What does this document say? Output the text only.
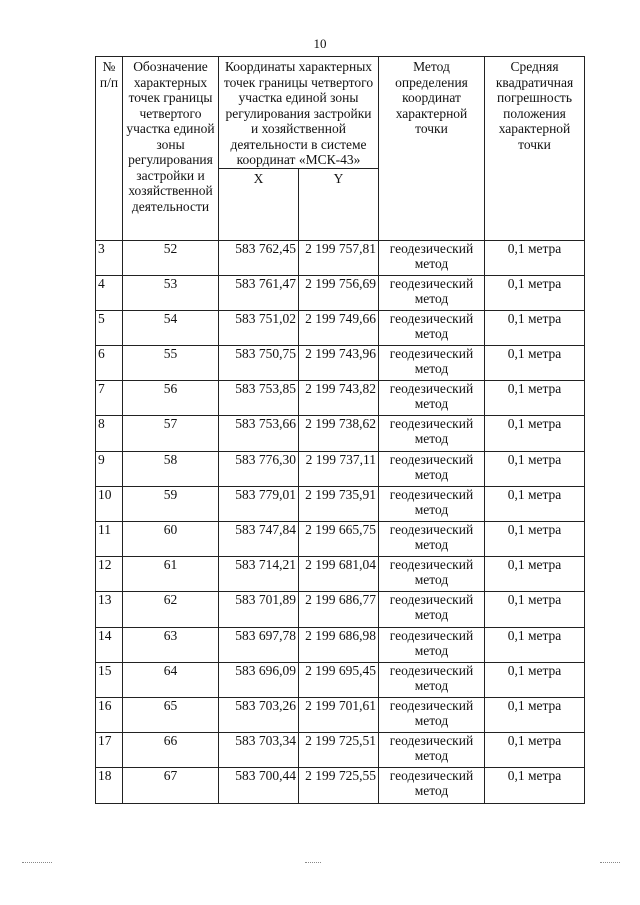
10
№ п/п	Обозначение характерных точек границы четвертого участка единой зоны регулирования застройки и хозяйственной деятельности	Координаты характерных точек границы четвертого участка единой зоны регулирования застройки и хозяйственной деятельности в системе координат «МСК-43»		Метод определения координат характерной точки	Средняя квадратичная погрешность положения характерной точки
		X	Y		
3	52	583 762,45	2 199 757,81	геодезический метод	0,1 метра
4	53	583 761,47	2 199 756,69	геодезический метод	0,1 метра
5	54	583 751,02	2 199 749,66	геодезический метод	0,1 метра
6	55	583 750,75	2 199 743,96	геодезический метод	0,1 метра
7	56	583 753,85	2 199 743,82	геодезический метод	0,1 метра
8	57	583 753,66	2 199 738,62	геодезический метод	0,1 метра
9	58	583 776,30	2 199 737,11	геодезический метод	0,1 метра
10	59	583 779,01	2 199 735,91	геодезический метод	0,1 метра
11	60	583 747,84	2 199 665,75	геодезический метод	0,1 метра
12	61	583 714,21	2 199 681,04	геодезический метод	0,1 метра
13	62	583 701,89	2 199 686,77	геодезический метод	0,1 метра
14	63	583 697,78	2 199 686,98	геодезический метод	0,1 метра
15	64	583 696,09	2 199 695,45	геодезический метод	0,1 метра
16	65	583 703,26	2 199 701,61	геодезический метод	0,1 метра
17	66	583 703,34	2 199 725,51	геодезический метод	0,1 метра
18	67	583 700,44	2 199 725,55	геодезический метод	0,1 метра
